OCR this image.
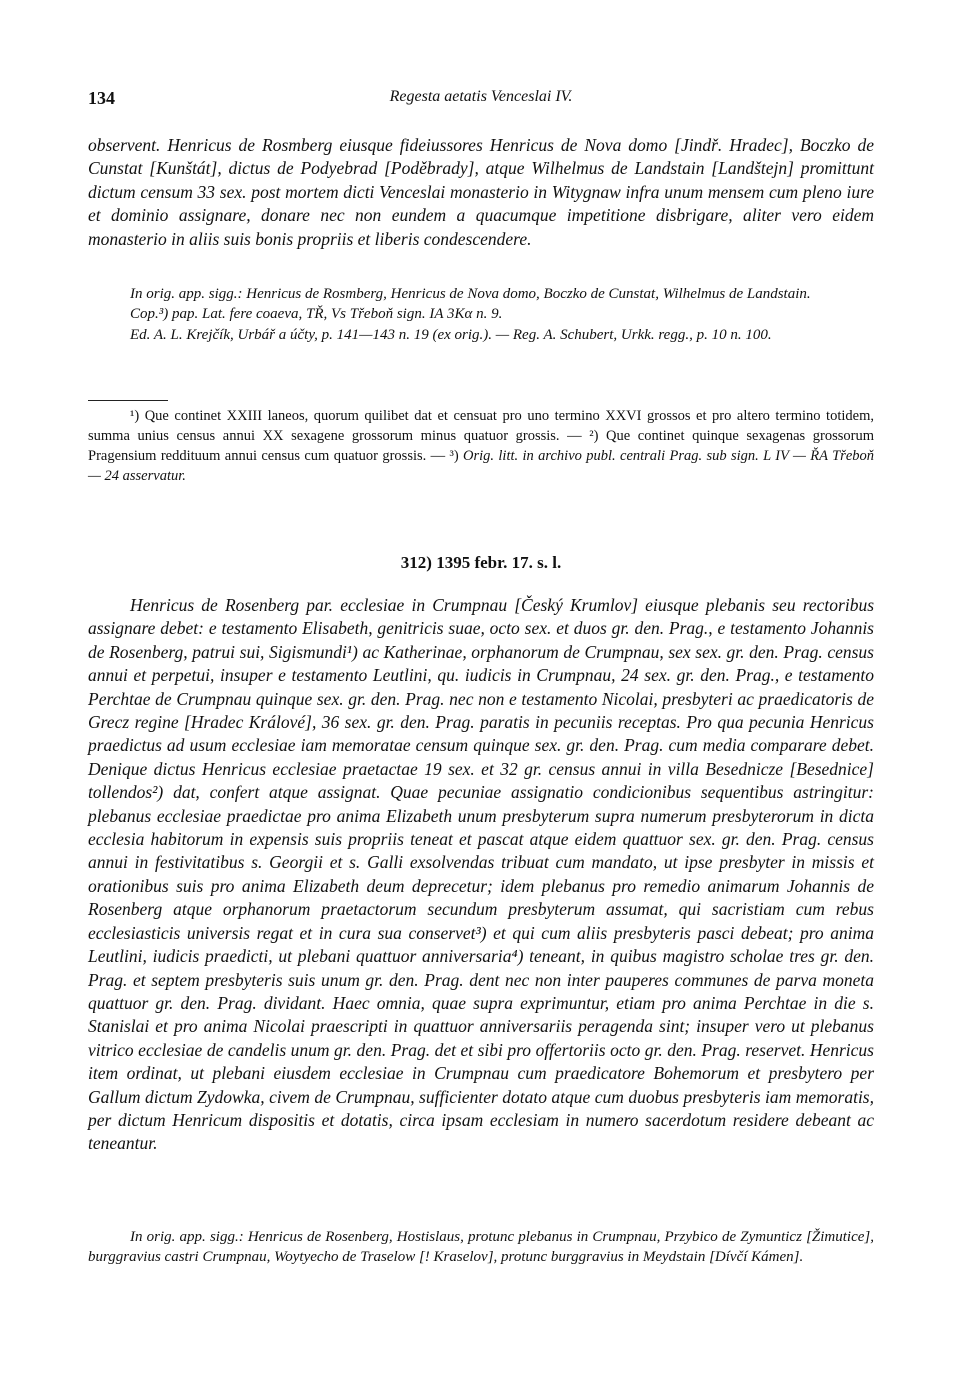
134	Regesta aetatis Venceslai IV.

observent. Henricus de Rosmberg eiusque fideiussores Henricus de Nova domo [Jindř. Hradec], Boczko de Cunstat [Kunštát], dictus de Podyebrad [Poděbrady], atque Wilhelmus de Landstain [Landštejn] promittunt dictum censum 33 sex. post mortem dicti Venceslai monasterio in Witygnaw infra unum mensem cum pleno iure et dominio assignare, donare nec non eundem a quacumque impetitione disbrigare, aliter vero eidem monasterio in aliis suis bonis propriis et liberis condescendere.

In orig. app. sigg.: Henricus de Rosmberg, Henricus de Nova domo, Boczko de Cunstat, Wilhelmus de Landstain.

Cop.³) pap. Lat. fere coaeva, TŘ, Vs Třeboň sign. IA 3Kα n. 9.

Ed. A. L. Krejčík, Urbář a účty, p. 141—143 n. 19 (ex orig.). — Reg. A. Schubert, Urkk. regg., p. 10 n. 100.

¹) Que continet XXIII laneos, quorum quilibet dat et censuat pro uno termino XXVI grossos et pro altero termino totidem, summa unius census annui XX sexagene grossorum minus quatuor grossis. — ²) Que continet quinque sexagenas grossorum Pragensium reddituum annui census cum quatuor grossis. — ³) Orig. litt. in archivo publ. centrali Prag. sub sign. L IV — ŘA Třeboň — 24 asservatur.

312) 1395 febr. 17. s. l.

Henricus de Rosenberg par. ecclesiae in Crumpnau [Český Krumlov] eiusque plebanis seu rectoribus assignare debet: e testamento Elisabeth, genitricis suae, octo sex. et duos gr. den. Prag., e testamento Johannis de Rosenberg, patrui sui, Sigismundi¹) ac Katherinae, orphanorum de Crumpnau, sex sex. gr. den. Prag. census annui et perpetui, insuper e testamento Leutlini, qu. iudicis in Crumpnau, 24 sex. gr. den. Prag., e testamento Perchtae de Crumpnau quinque sex. gr. den. Prag. nec non e testamento Nicolai, presbyteri ac praedicatoris de Grecz regine [Hradec Králové], 36 sex. gr. den. Prag. paratis in pecuniis receptas. Pro qua pecunia Henricus praedictus ad usum ecclesiae iam memoratae censum quinque sex. gr. den. Prag. cum media comparare debet. Denique dictus Henricus ecclesiae praetactae 19 sex. et 32 gr. census annui in villa Besednicze [Besednice] tollendos²) dat, confert atque assignat. Quae pecuniae assignatio condicionibus sequentibus astringitur: plebanus ecclesiae praedictae pro anima Elizabeth unum presbyterum supra numerum presbyterorum in dicta ecclesia habitorum in expensis suis propriis teneat et pascat atque eidem quattuor sex. gr. den. Prag. census annui in festivitatibus s. Georgii et s. Galli exsolvendas tribuat cum mandato, ut ipse presbyter in missis et orationibus suis pro anima Elizabeth deum deprecetur; idem plebanus pro remedio animarum Johannis de Rosenberg atque orphanorum praetactorum secundum presbyterum assumat, qui sacristiam cum rebus ecclesiasticis universis regat et in cura sua conservet³) et qui cum aliis presbyteris pasci debeat; pro anima Leutlini, iudicis praedicti, ut plebani quattuor anniversaria⁴) teneant, in quibus magistro scholae tres gr. den. Prag. et septem presbyteris suis unum gr. den. Prag. dent nec non inter pauperes communes de parva moneta quattuor gr. den. Prag. dividant. Haec omnia, quae supra exprimuntur, etiam pro anima Perchtae in die s. Stanislai et pro anima Nicolai praescripti in quattuor anniversariis peragenda sint; insuper vero ut plebanus vitrico ecclesiae de candelis unum gr. den. Prag. det et sibi pro offertoriis octo gr. den. Prag. reservet. Henricus item ordinat, ut plebani eiusdem ecclesiae in Crumpnau cum praedicatore Bohemorum et presbytero per Gallum dictum Zydowka, civem de Crumpnau, sufficienter dotato atque cum duobus presbyteris iam memoratis, per dictum Henricum dispositis et dotatis, circa ipsam ecclesiam in numero sacerdotum residere debeant ac teneantur.

In orig. app. sigg.: Henricus de Rosenberg, Hostislaus, protunc plebanus in Crumpnau, Przybico de Zymunticz [Žimutice], burggravius castri Crumpnau, Woytyecho de Traselow [! Kraselov], protunc burggravius in Meydstain [Dívčí Kámen].
